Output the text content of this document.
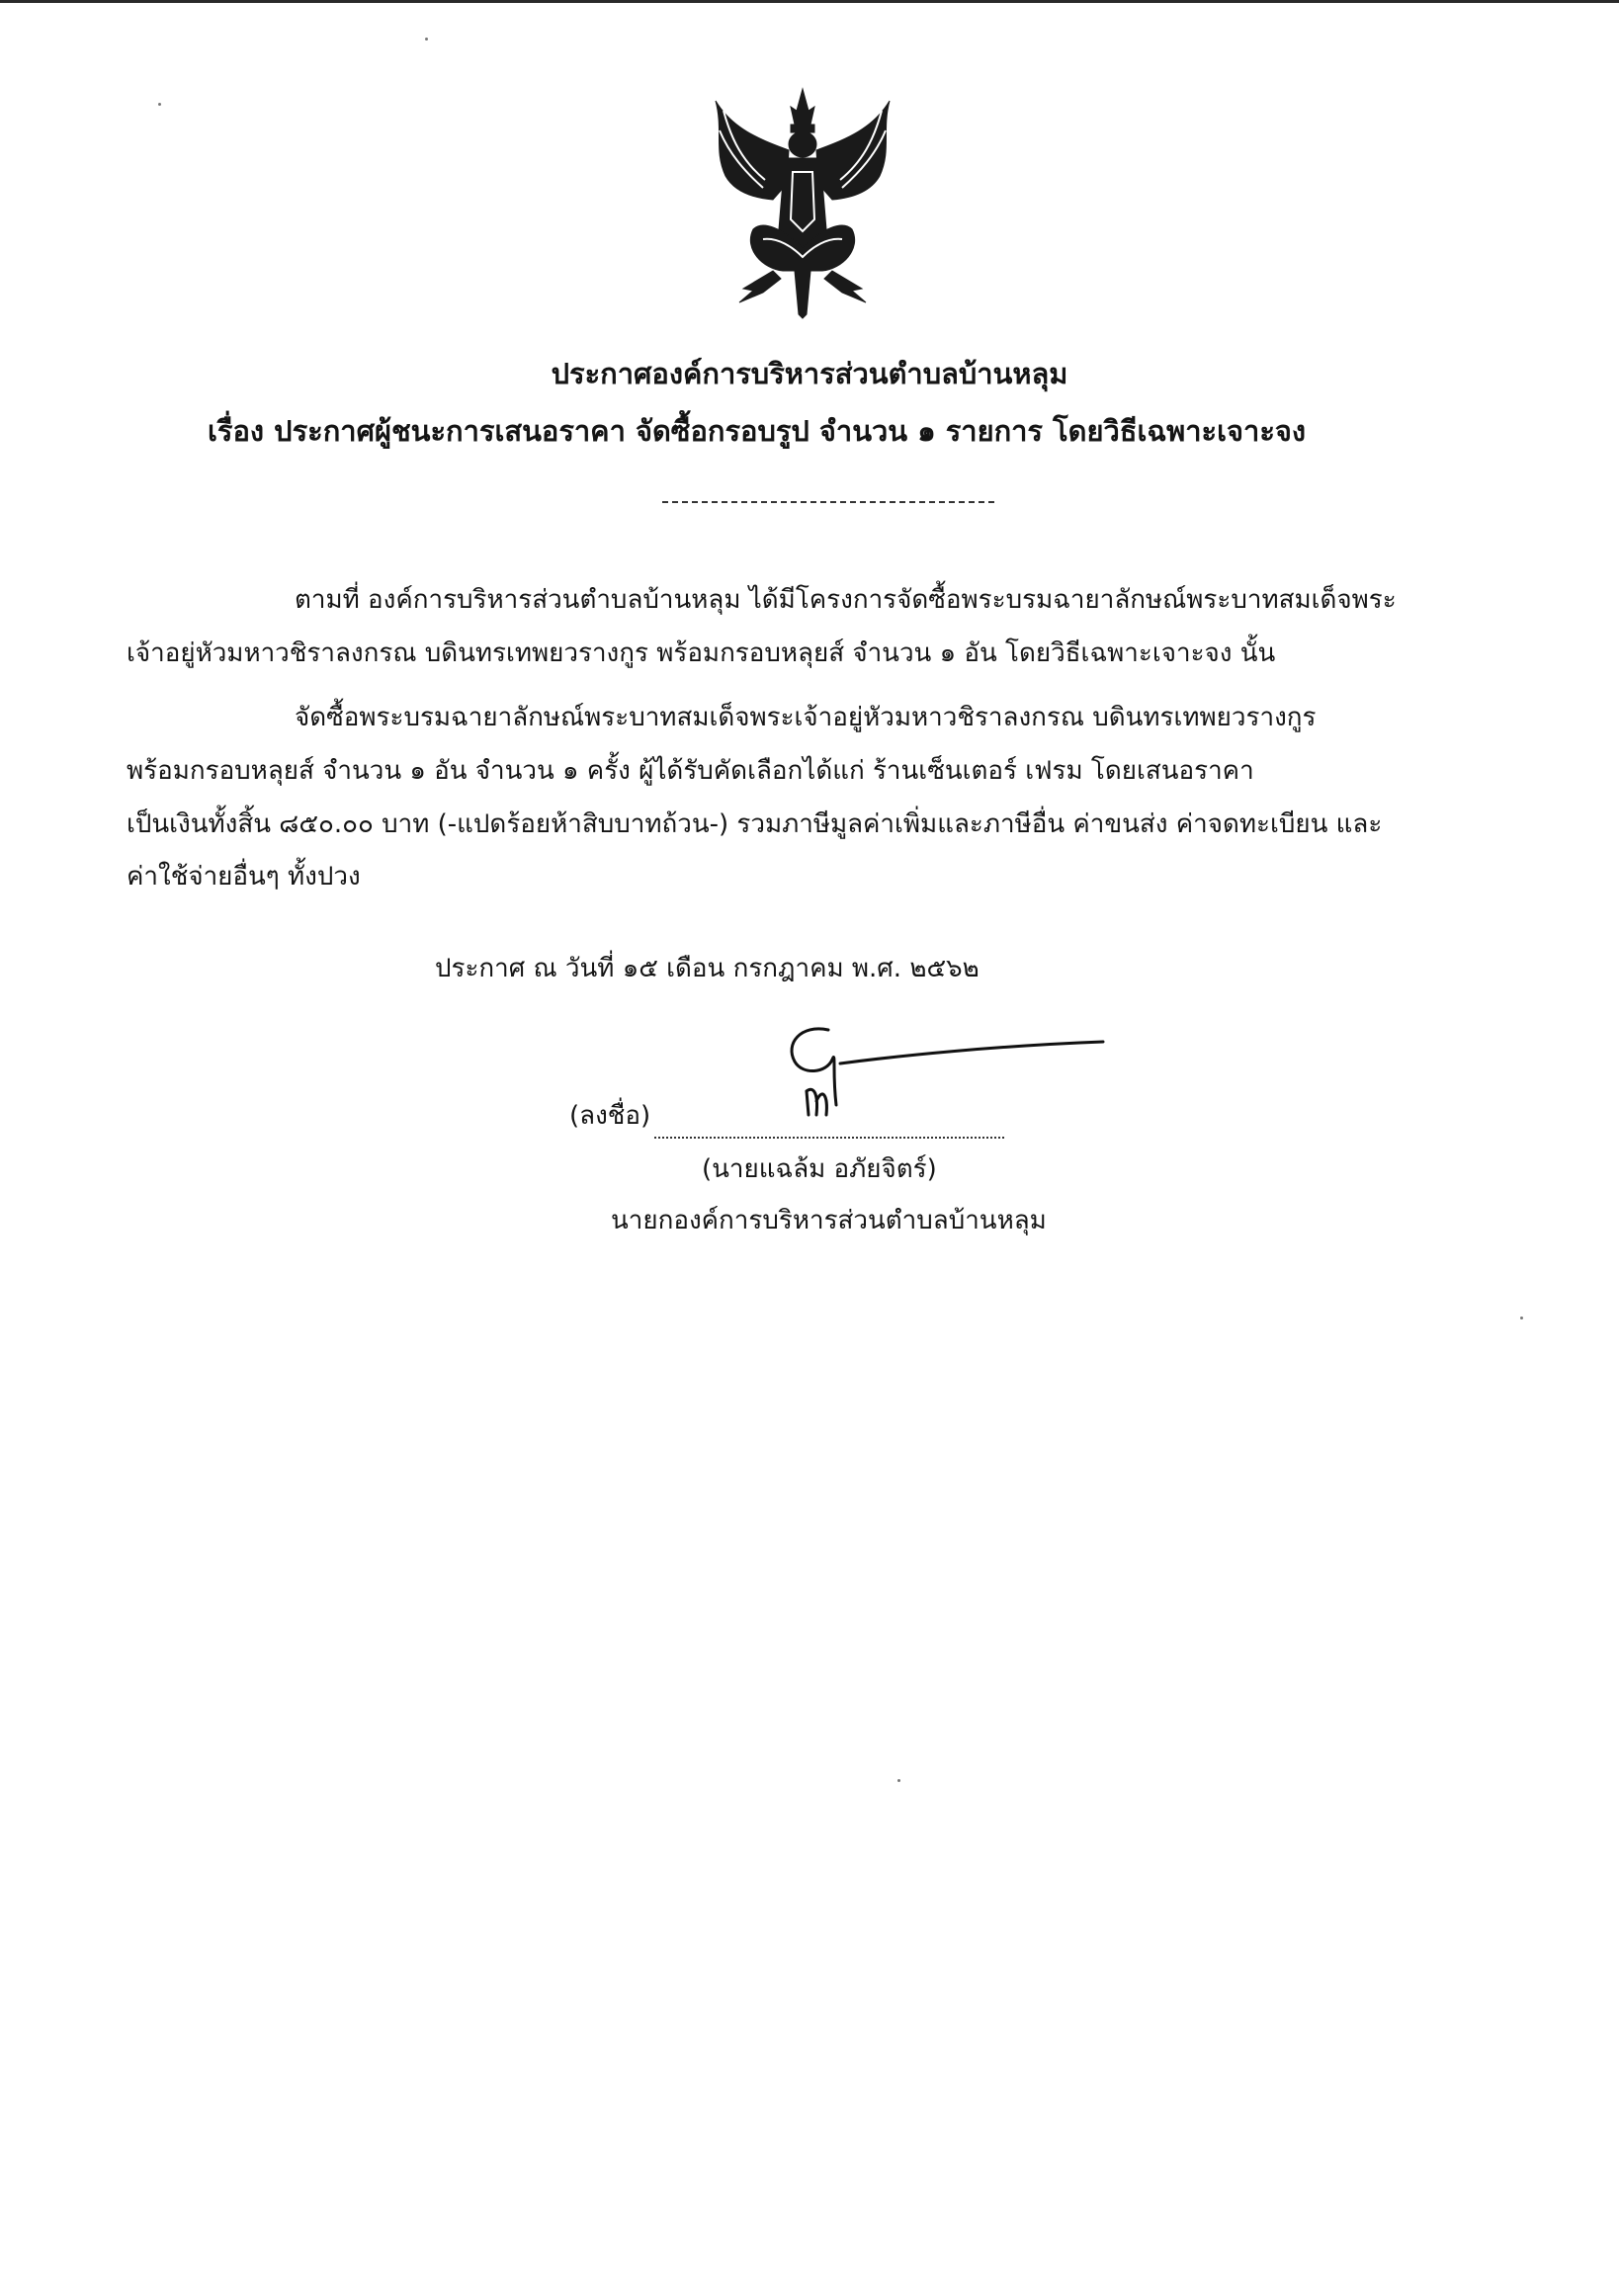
ประกาศองค์การบริหารส่วนตำบลบ้านหลุม
เรื่อง ประกาศผู้ชนะการเสนอราคา จัดซื้อกรอบรูป จำนวน ๑ รายการ โดยวิธีเฉพาะเจาะจง
ตามที่ องค์การบริหารส่วนตำบลบ้านหลุม ได้มีโครงการจัดซื้อพระบรมฉายาลักษณ์พระบาทสมเด็จพระ
เจ้าอยู่หัวมหาวชิราลงกรณ บดินทรเทพยวรางกูร พร้อมกรอบหลุยส์ จำนวน ๑ อัน โดยวิธีเฉพาะเจาะจง นั้น
จัดซื้อพระบรมฉายาลักษณ์พระบาทสมเด็จพระเจ้าอยู่หัวมหาวชิราลงกรณ บดินทรเทพยวรางกูร
พร้อมกรอบหลุยส์ จำนวน ๑ อัน จำนวน ๑ ครั้ง ผู้ได้รับคัดเลือกได้แก่ ร้านเซ็นเตอร์ เฟรม โดยเสนอราคา
เป็นเงินทั้งสิ้น ๘๕๐.๐๐ บาท (-แปดร้อยห้าสิบบาทถ้วน-) รวมภาษีมูลค่าเพิ่มและภาษีอื่น ค่าขนส่ง ค่าจดทะเบียน และ
ค่าใช้จ่ายอื่นๆ ทั้งปวง
ประกาศ ณ วันที่ ๑๕ เดือน กรกฎาคม พ.ศ. ๒๕๖๒
(ลงชื่อ)
(นายแฉล้ม อภัยจิตร์)
นายกองค์การบริหารส่วนตำบลบ้านหลุม
